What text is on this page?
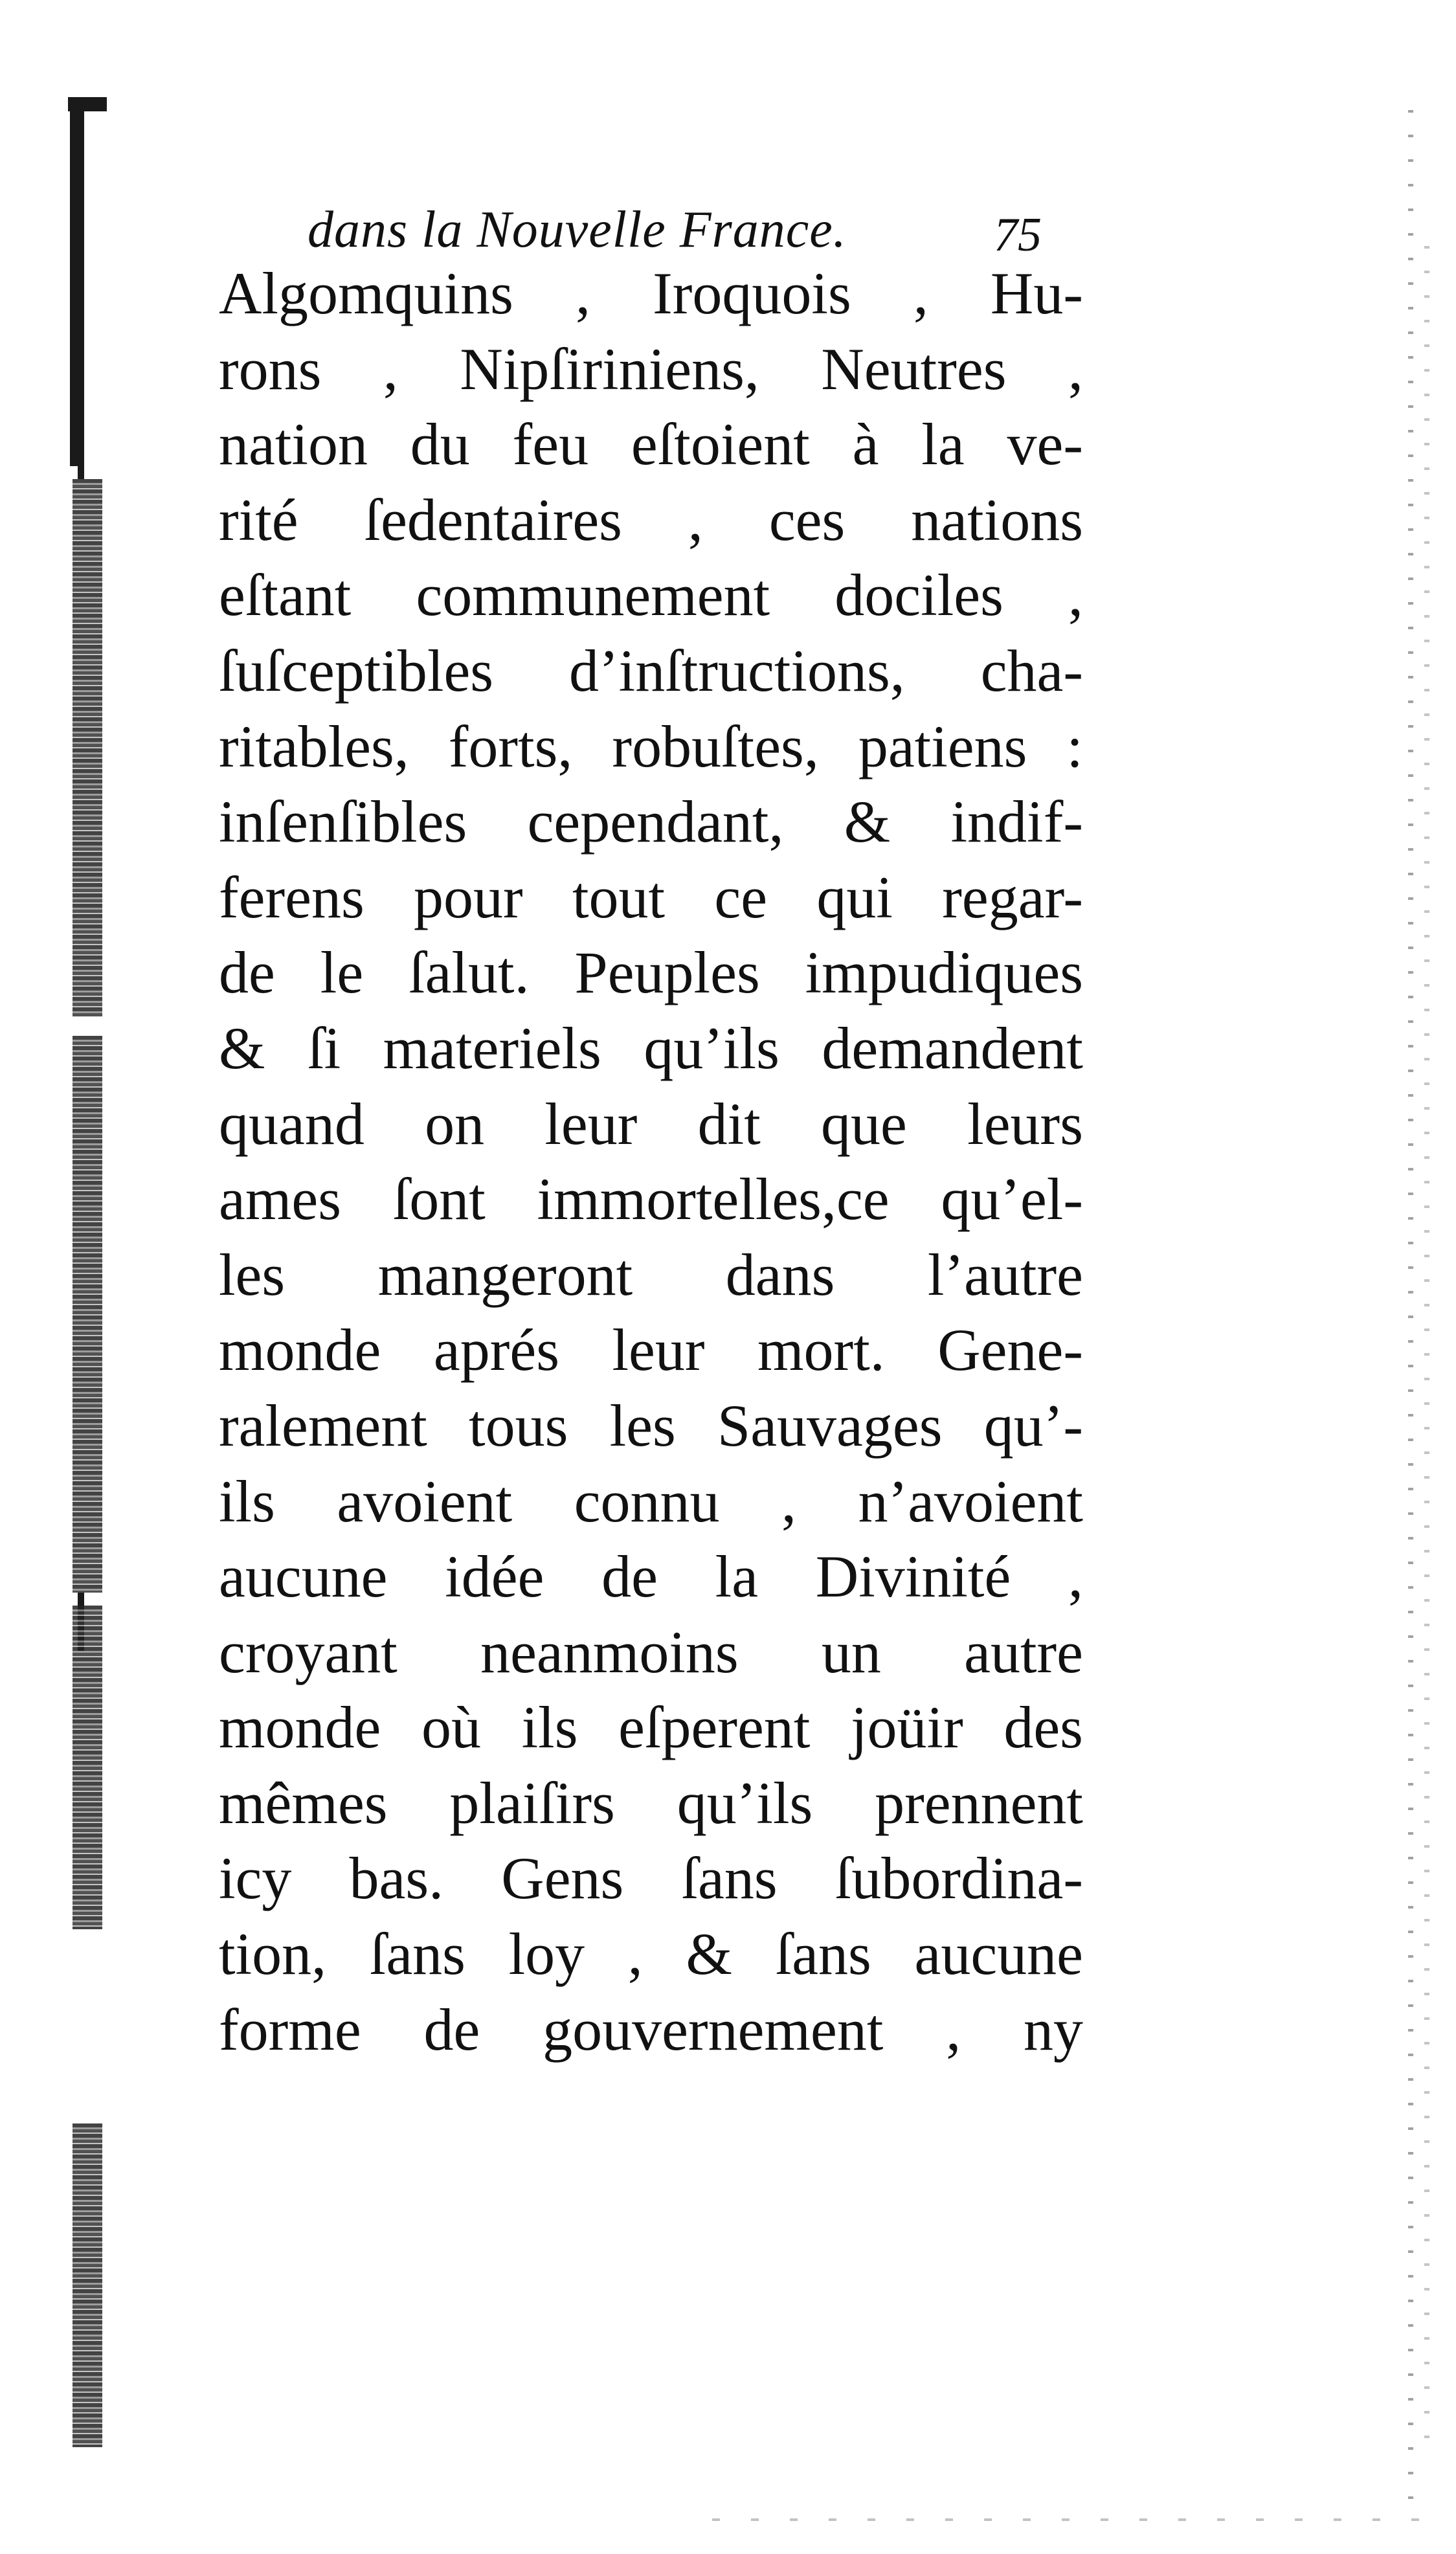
dans la Nouvelle France.	75
Algomquins , Iroquois , Hu-
rons , Nipſiriniens, Neutres ,
nation du feu eſtoient à la ve-
rité ſedentaires , ces nations
eſtant communement dociles ,
ſuſceptibles d’inſtructions, cha-
ritables, forts, robuſtes, patiens :
inſenſibles cependant, & indif-
ferens pour tout ce qui regar-
de le ſalut. Peuples impudiques
& ſi materiels qu’ils demandent
quand on leur dit que leurs
ames ſont immortelles,ce qu’el-
les mangeront dans l’autre
monde aprés leur mort. Gene-
ralement tous les Sauvages qu’-
ils avoient connu , n’avoient
aucune idée de la Divinité ,
croyant neanmoins un autre
monde où ils eſperent joüir des
mêmes plaiſirs qu’ils prennent
icy bas. Gens ſans ſubordina-
tion, ſans loy , & ſans aucune
forme de gouvernement , ny
